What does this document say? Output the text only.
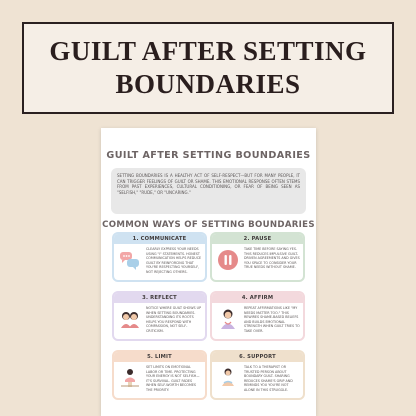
GUILT AFTER SETTING
BOUNDARIES
GUILT AFTER SETTING BOUNDARIES
SETTING BOUNDARIES IS A HEALTHY ACT OF SELF-RESPECT—BUT FOR MANY PEOPLE, IT CAN TRIGGER FEELINGS OF GUILT OR SHAME. THIS EMOTIONAL RESPONSE OFTEN STEMS FROM PAST EXPERIENCES, CULTURAL CONDITIONING, OR FEAR OF BEING SEEN AS "SELFISH," "RUDE," OR "UNCARING."
COMMON WAYS OF SETTING BOUNDARIES
1. COMMUNICATE
CLEARLY EXPRESS YOUR NEEDS USING "I" STATEMENTS. HONEST COMMUNICATION HELPS REDUCE GUILT BY REINFORCING THAT YOU'RE RESPECTING YOURSELF, NOT REJECTING OTHERS.
2. PAUSE
TAKE TIME BEFORE SAYING YES. THIS REDUCES IMPULSIVE GUILT-DRIVEN AGREEMENTS AND GIVES YOU SPACE TO CONSIDER YOUR TRUE NEEDS WITHOUT SHAME.
3. REFLECT
NOTICE WHERE GUILT SHOWS UP WHEN SETTING BOUNDARIES. UNDERSTANDING ITS ROOTS HELPS YOU RESPOND WITH COMPASSION, NOT SELF-CRITICISM.
4. AFFIRM
REPEAT AFFIRMATIONS LIKE "MY NEEDS MATTER TOO." THIS REWIRES SHAME-BASED BELIEFS AND BUILDS EMOTIONAL STRENGTH WHEN GUILT TRIES TO TAKE OVER.
5. LIMIT
SET LIMITS ON EMOTIONAL LABOR OR TIME. PROTECTING YOUR ENERGY IS NOT SELFISH—IT'S SURVIVAL. GUILT FADES WHEN SELF-WORTH BECOMES THE PRIORITY.
6. SUPPORT
TALK TO A THERAPIST OR TRUSTED PERSON ABOUT BOUNDARY GUILT. SHARING REDUCES SHAME'S GRIP AND REMINDS YOU YOU'RE NOT ALONE IN THIS STRUGGLE.
